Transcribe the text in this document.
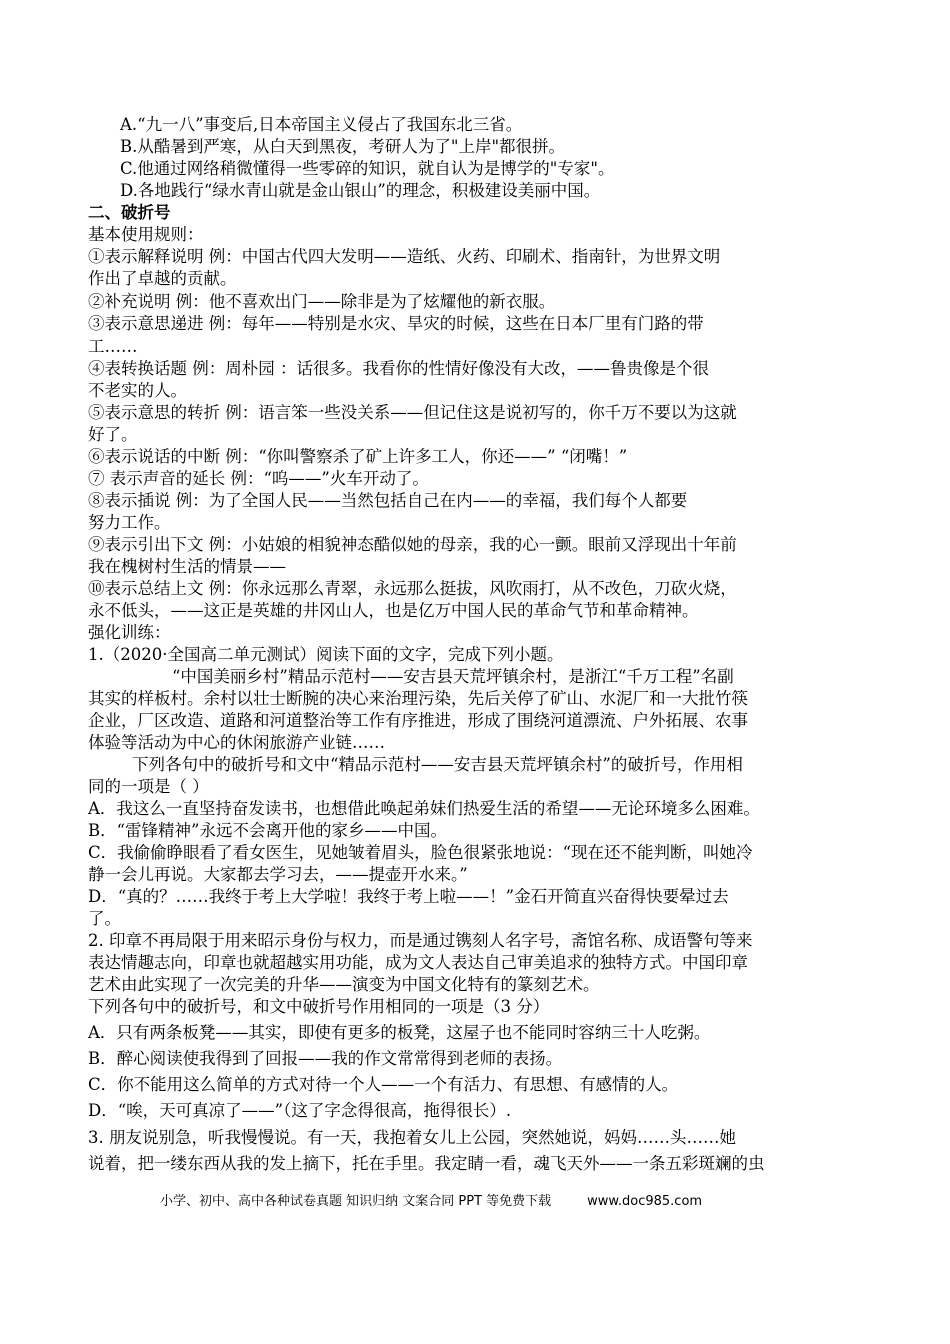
A.“九一八”事变后,日本帝国主义侵占了我国东北三省。
B.从酷暑到严寒，从白天到黑夜，考研人为了"上岸"都很拼。
C.他通过网络稍微懂得一些零碎的知识，就自认为是博学的"专家"。
D.各地践行“绿水青山就是金山银山”的理念，积极建设美丽中国。
二、破折号
基本使用规则：
①表示解释说明 例：中国古代四大发明——造纸、火药、印刷术、指南针，为世界文明
作出了卓越的贡献。
②补充说明 例：他不喜欢出门——除非是为了炫耀他的新衣服。
③表示意思递进 例：每年——特别是水灾、旱灾的时候，这些在日本厂里有门路的带
工……
④表转换话题 例：周朴园 ：话很多。我看你的性情好像没有大改，——鲁贵像是个很
不老实的人。
⑤表示意思的转折 例：语言笨一些没关系——但记住这是说初写的，你千万不要以为这就
好了。
⑥表示说话的中断 例：“你叫警察杀了矿上许多工人，你还——” “闭嘴！”
⑦ 表示声音的延长 例：“呜——”火车开动了。
⑧表示插说 例：为了全国人民——当然包括自己在内——的幸福，我们每个人都要
努力工作。
⑨表示引出下文 例：小姑娘的相貌神态酷似她的母亲，我的心一颤。眼前又浮现出十年前
我在槐树村生活的情景——
⑩表示总结上文 例：你永远那么青翠，永远那么挺拔，风吹雨打，从不改色，刀砍火烧，
永不低头，——这正是英雄的井冈山人，也是亿万中国人民的革命气节和革命精神。
强化训练：
1.（2020·全国高二单元测试）阅读下面的文字，完成下列小题。
“中国美丽乡村”精品示范村——安吉县天荒坪镇余村，是浙江“千万工程”名副
其实的样板村。余村以壮士断腕的决心来治理污染，先后关停了矿山、水泥厂和一大批竹筷
企业，厂区改造、道路和河道整治等工作有序推进，形成了围绕河道漂流、户外拓展、农事
体验等活动为中心的休闲旅游产业链……
下列各句中的破折号和文中“精品示范村——安吉县天荒坪镇余村”的破折号，作用相
同的一项是（ ）
A．我这么一直坚持奋发读书，也想借此唤起弟妹们热爱生活的希望——无论环境多么困难。
B．“雷锋精神”永远不会离开他的家乡——中国。
C．我偷偷睁眼看了看女医生，见她皱着眉头，脸色很紧张地说：“现在还不能判断，叫她冷
静一会儿再说。大家都去学习去，——提壶开水来。”
D．“真的？……我终于考上大学啦！我终于考上啦——！”金石开简直兴奋得快要晕过去
了。
2. 印章不再局限于用来昭示身份与权力，而是通过镌刻人名字号，斋馆名称、成语警句等来
表达情趣志向，印章也就超越实用功能，成为文人表达自己审美追求的独特方式。中国印章
艺术由此实现了一次完美的升华——演变为中国文化特有的篆刻艺术。
下列各句中的破折号，和文中破折号作用相同的一项是（3 分）
A．只有两条板凳——其实，即使有更多的板凳，这屋子也不能同时容纳三十人吃粥。
B．醉心阅读使我得到了回报——我的作文常常得到老师的表扬。
C．你不能用这么简单的方式对待一个人——一个有活力、有思想、有感情的人。
D．“唉，天可真凉了——”（这了字念得很高，拖得很长）.
3. 朋友说别急，听我慢慢说。有一天，我抱着女儿上公园，突然她说，妈妈……头……她
说着，把一缕东西从我的发上摘下，托在手里。我定睛一看，魂飞天外——一条五彩斑斓的虫
小学、初中、高中各种试卷真题 知识归纳 文案合同 PPT 等免费下载	www.doc985.com
